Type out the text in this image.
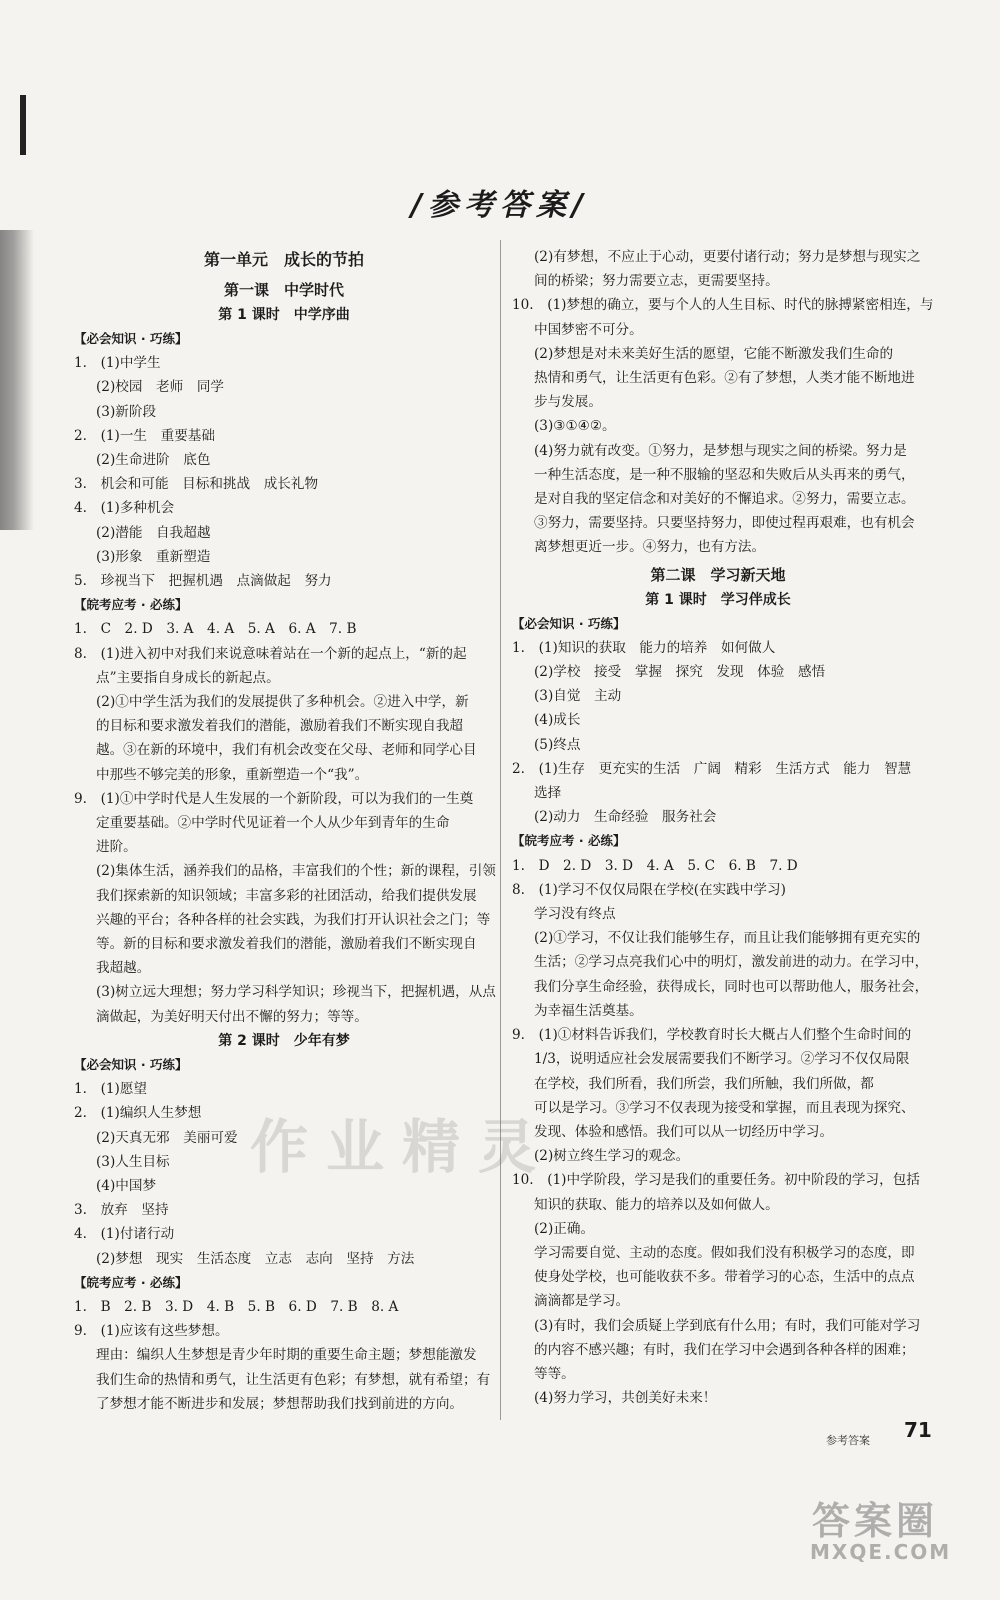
/参考答案/

第一单元　成长的节拍

第一课　中学时代

第 1 课时　中学序曲

【必会知识 · 巧练】

1.　(1)中学生

(2)校园　老师　同学

(3)新阶段

2.　(1)一生　重要基础

(2)生命进阶　底色

3.　机会和可能　目标和挑战　成长礼物

4.　(1)多种机会

(2)潜能　自我超越

(3)形象　重新塑造

5.　珍视当下　把握机遇　点滴做起　努力

【皖考应考 · 必练】

1.　C　2. D　3. A　4. A　5. A　6. A　7. B

8.　(1)进入初中对我们来说意味着站在一个新的起点上，“新的起

点”主要指自身成长的新起点。

(2)①中学生活为我们的发展提供了多种机会。②进入中学，新

的目标和要求激发着我们的潜能，激励着我们不断实现自我超

越。③在新的环境中，我们有机会改变在父母、老师和同学心目

中那些不够完美的形象，重新塑造一个“我”。

9.　(1)①中学时代是人生发展的一个新阶段，可以为我们的一生奠

定重要基础。②中学时代见证着一个人从少年到青年的生命

进阶。

(2)集体生活，涵养我们的品格，丰富我们的个性；新的课程，引领

我们探索新的知识领域；丰富多彩的社团活动，给我们提供发展

兴趣的平台；各种各样的社会实践，为我们打开认识社会之门；等

等。新的目标和要求激发着我们的潜能，激励着我们不断实现自

我超越。

(3)树立远大理想；努力学习科学知识；珍视当下，把握机遇，从点

滴做起，为美好明天付出不懈的努力；等等。

第 2 课时　少年有梦

【必会知识 · 巧练】

1.　(1)愿望

2.　(1)编织人生梦想

(2)天真无邪　美丽可爱

(3)人生目标

(4)中国梦

3.　放弃　坚持

4.　(1)付诸行动

(2)梦想　现实　生活态度　立志　志向　坚持　方法

【皖考应考 · 必练】

1.　B　2. B　3. D　4. B　5. B　6. D　7. B　8. A

9.　(1)应该有这些梦想。

理由：编织人生梦想是青少年时期的重要生命主题；梦想能激发

我们生命的热情和勇气，让生活更有色彩；有梦想，就有希望；有

了梦想才能不断进步和发展；梦想帮助我们找到前进的方向。

(2)有梦想，不应止于心动，更要付诸行动；努力是梦想与现实之

间的桥梁；努力需要立志，更需要坚持。

10.　(1)梦想的确立，要与个人的人生目标、时代的脉搏紧密相连，与

中国梦密不可分。

(2)梦想是对未来美好生活的愿望，它能不断激发我们生命的

热情和勇气，让生活更有色彩。②有了梦想，人类才能不断地进

步与发展。

(3)③①④②。

(4)努力就有改变。①努力，是梦想与现实之间的桥梁。努力是

一种生活态度，是一种不服输的坚忍和失败后从头再来的勇气，

是对自我的坚定信念和对美好的不懈追求。②努力，需要立志。

③努力，需要坚持。只要坚持努力，即使过程再艰难，也有机会

离梦想更近一步。④努力，也有方法。

第二课　学习新天地

第 1 课时　学习伴成长

【必会知识 · 巧练】

1.　(1)知识的获取　能力的培养　如何做人

(2)学校　接受　掌握　探究　发现　体验　感悟

(3)自觉　主动

(4)成长

(5)终点

2.　(1)生存　更充实的生活　广阔　精彩　生活方式　能力　智慧

选择

(2)动力　生命经验　服务社会

【皖考应考 · 必练】

1.　D　2. D　3. D　4. A　5. C　6. B　7. D

8.　(1)学习不仅仅局限在学校(在实践中学习)

学习没有终点

(2)①学习，不仅让我们能够生存，而且让我们能够拥有更充实的

生活；②学习点亮我们心中的明灯，激发前进的动力。在学习中，

我们分享生命经验，获得成长，同时也可以帮助他人，服务社会，

为幸福生活奠基。

9.　(1)①材料告诉我们，学校教育时长大概占人们整个生命时间的

1/3，说明适应社会发展需要我们不断学习。②学习不仅仅局限

在学校，我们所看，我们所尝，我们所触，我们所做，都

可以是学习。③学习不仅表现为接受和掌握，而且表现为探究、

发现、体验和感悟。我们可以从一切经历中学习。

(2)树立终生学习的观念。

10.　(1)中学阶段，学习是我们的重要任务。初中阶段的学习，包括

知识的获取、能力的培养以及如何做人。

(2)正确。

学习需要自觉、主动的态度。假如我们没有积极学习的态度，即

使身处学校，也可能收获不多。带着学习的心态，生活中的点点

滴滴都是学习。

(3)有时，我们会质疑上学到底有什么用；有时，我们可能对学习

的内容不感兴趣；有时，我们在学习中会遇到各种各样的困难；

等等。

(4)努力学习，共创美好未来！

参考答案 71
作业精灵
答案圈
MXQE.COM
